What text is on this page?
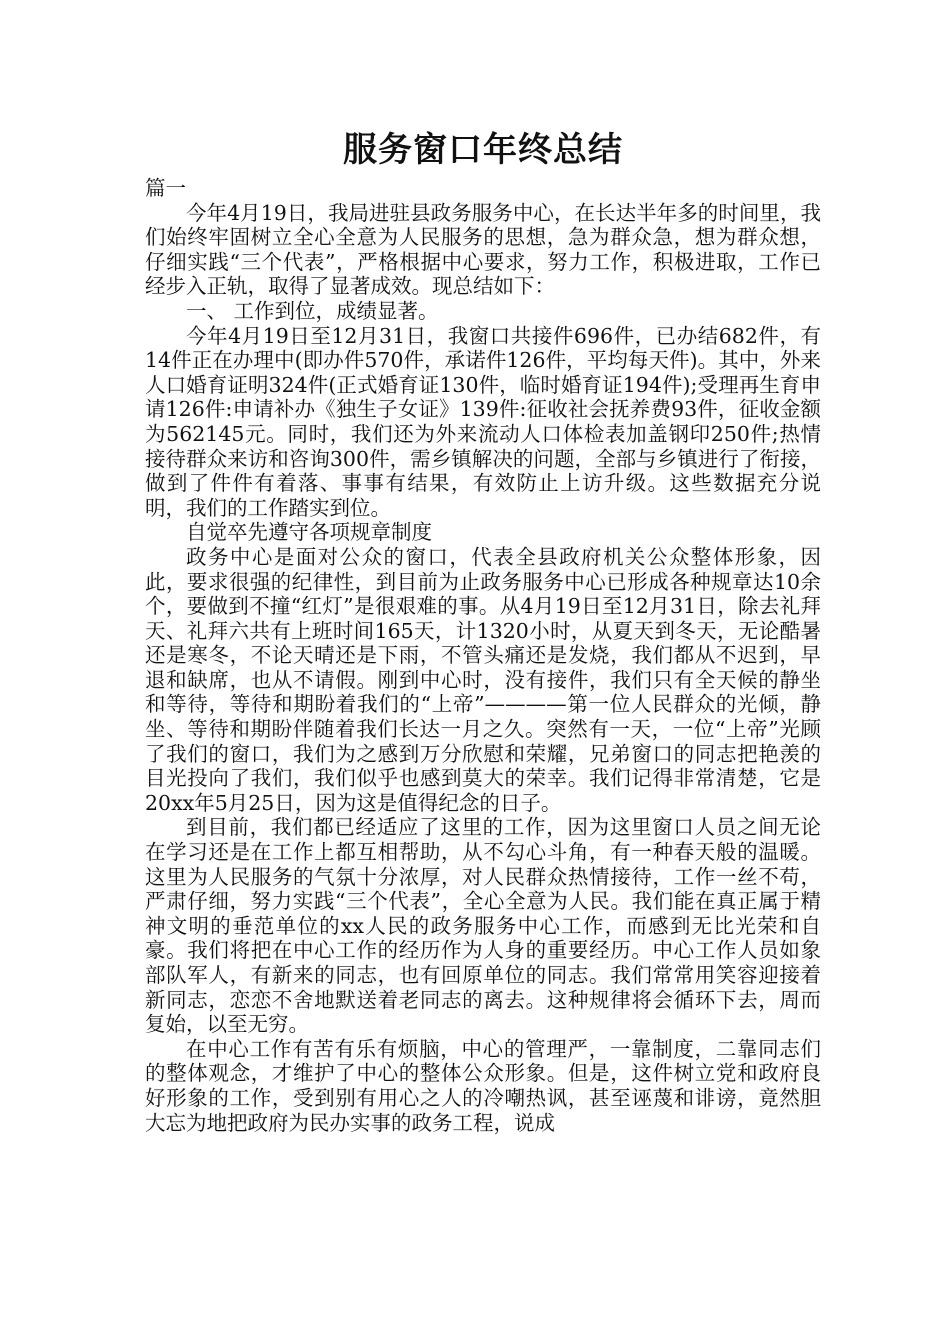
服务窗口年终总结

篇一

今年4月19日，我局进驻县政务服务中心，在长达半年多的时间里，我们始终牢固树立全心全意为人民服务的思想，急为群众急，想为群众想，仔细实践“三个代表”，严格根据中心要求，努力工作，积极进取，工作已经步入正轨，取得了显著成效。现总结如下：

一、 工作到位，成绩显著。

今年4月19日至12月31日，我窗口共接件696件，已办结682件，有14件正在办理中(即办件570件，承诺件126件，平均每天件)。其中，外来人口婚育证明324件(正式婚育证130件，临时婚育证194件);受理再生育申请126件:申请补办《独生子女证》139件:征收社会抚养费93件，征收金额为562145元。同时，我们还为外来流动人口体检表加盖钢印250件;热情接待群众来访和咨询300件，需乡镇解决的问题，全部与乡镇进行了衔接，做到了件件有着落、事事有结果，有效防止上访升级。这些数据充分说明，我们的工作踏实到位。

自觉卒先遵守各项规章制度

政务中心是面对公众的窗口，代表全县政府机关公众整体形象，因此，要求很强的纪律性，到目前为止政务服务中心已形成各种规章达10余个，要做到不撞“红灯”是很艰难的事。从4月19日至12月31日，除去礼拜天、礼拜六共有上班时间165天，计1320小时，从夏天到冬天，无论酷暑还是寒冬，不论天晴还是下雨，不管头痛还是发烧，我们都从不迟到，早退和缺席，也从不请假。刚到中心时，没有接件，我们只有全天候的静坐和等待，等待和期盼着我们的“上帝”————第一位人民群众的光倾，静坐、等待和期盼伴随着我们长达一月之久。突然有一天，一位“上帝”光顾了我们的窗口，我们为之感到万分欣慰和荣耀，兄弟窗口的同志把艳羡的目光投向了我们，我们似乎也感到莫大的荣幸。我们记得非常清楚，它是20xx年5月25日，因为这是值得纪念的日子。

到目前，我们都已经适应了这里的工作，因为这里窗口人员之间无论在学习还是在工作上都互相帮助，从不勾心斗角，有一种春天般的温暖。这里为人民服务的气氛十分浓厚，对人民群众热情接待，工作一丝不苟，严肃仔细，努力实践“三个代表”，全心全意为人民。我们能在真正属于精神文明的垂范单位的xx人民的政务服务中心工作，而感到无比光荣和自豪。我们将把在中心工作的经历作为人身的重要经历。中心工作人员如象部队军人，有新来的同志，也有回原单位的同志。我们常常用笑容迎接着新同志，恋恋不舍地默送着老同志的离去。这种规律将会循环下去，周而复始，以至无穷。

在中心工作有苦有乐有烦脑，中心的管理严，一靠制度，二靠同志们的整体观念，才维护了中心的整体公众形象。但是，这件树立党和政府良好形象的工作，受到别有用心之人的冷嘲热讽，甚至诬蔑和诽谤，竟然胆大忘为地把政府为民办实事的政务工程，说成
